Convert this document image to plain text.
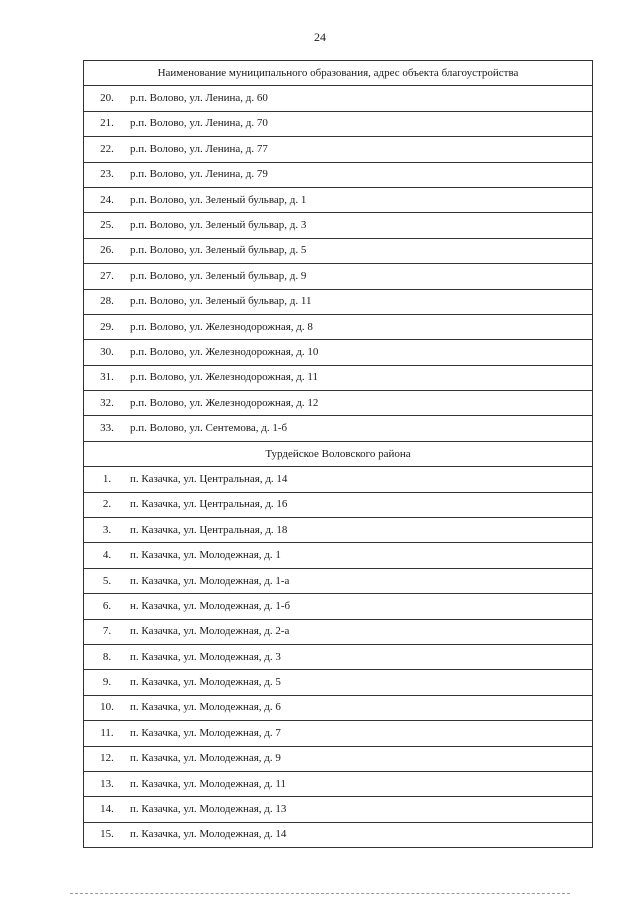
24
Наименование муниципального образования, адрес объекта благоустройства
20. р.п. Волово, ул. Ленина, д. 60
21. р.п. Волово, ул. Ленина, д. 70
22. р.п. Волово, ул. Ленина, д. 77
23. р.п. Волово, ул. Ленина, д. 79
24. р.п. Волово, ул. Зеленый бульвар, д. 1
25. р.п. Волово, ул. Зеленый бульвар, д. 3
26. р.п. Волово, ул. Зеленый бульвар, д. 5
27. р.п. Волово, ул. Зеленый бульвар, д. 9
28. р.п. Волово, ул. Зеленый бульвар, д. 11
29. р.п. Волово, ул. Железнодорожная, д. 8
30. р.п. Волово, ул. Железнодорожная, д. 10
31. р.п. Волово, ул. Железнодорожная, д. 11
32. р.п. Волово, ул. Железнодорожная, д. 12
33. р.п. Волово, ул. Сентемова, д. 1-б
Турдейское Воловского района
1. п. Казачка, ул. Центральная, д. 14
2. п. Казачка, ул. Центральная, д. 16
3. п. Казачка, ул. Центральная, д. 18
4. п. Казачка, ул. Молодежная, д. 1
5. п. Казачка, ул. Молодежная, д. 1-а
6. н. Казачка, ул. Молодежная, д. 1-б
7. п. Казачка, ул. Молодежная, д. 2-а
8. п. Казачка, ул. Молодежная, д. 3
9. п. Казачка, ул. Молодежная, д. 5
10. п. Казачка, ул. Молодежная, д. 6
11. п. Казачка, ул. Молодежная, д. 7
12. п. Казачка, ул. Молодежная, д. 9
13. п. Казачка, ул. Молодежная, д. 11
14. п. Казачка, ул. Молодежная, д. 13
15. п. Казачка, ул. Молодежная, д. 14
